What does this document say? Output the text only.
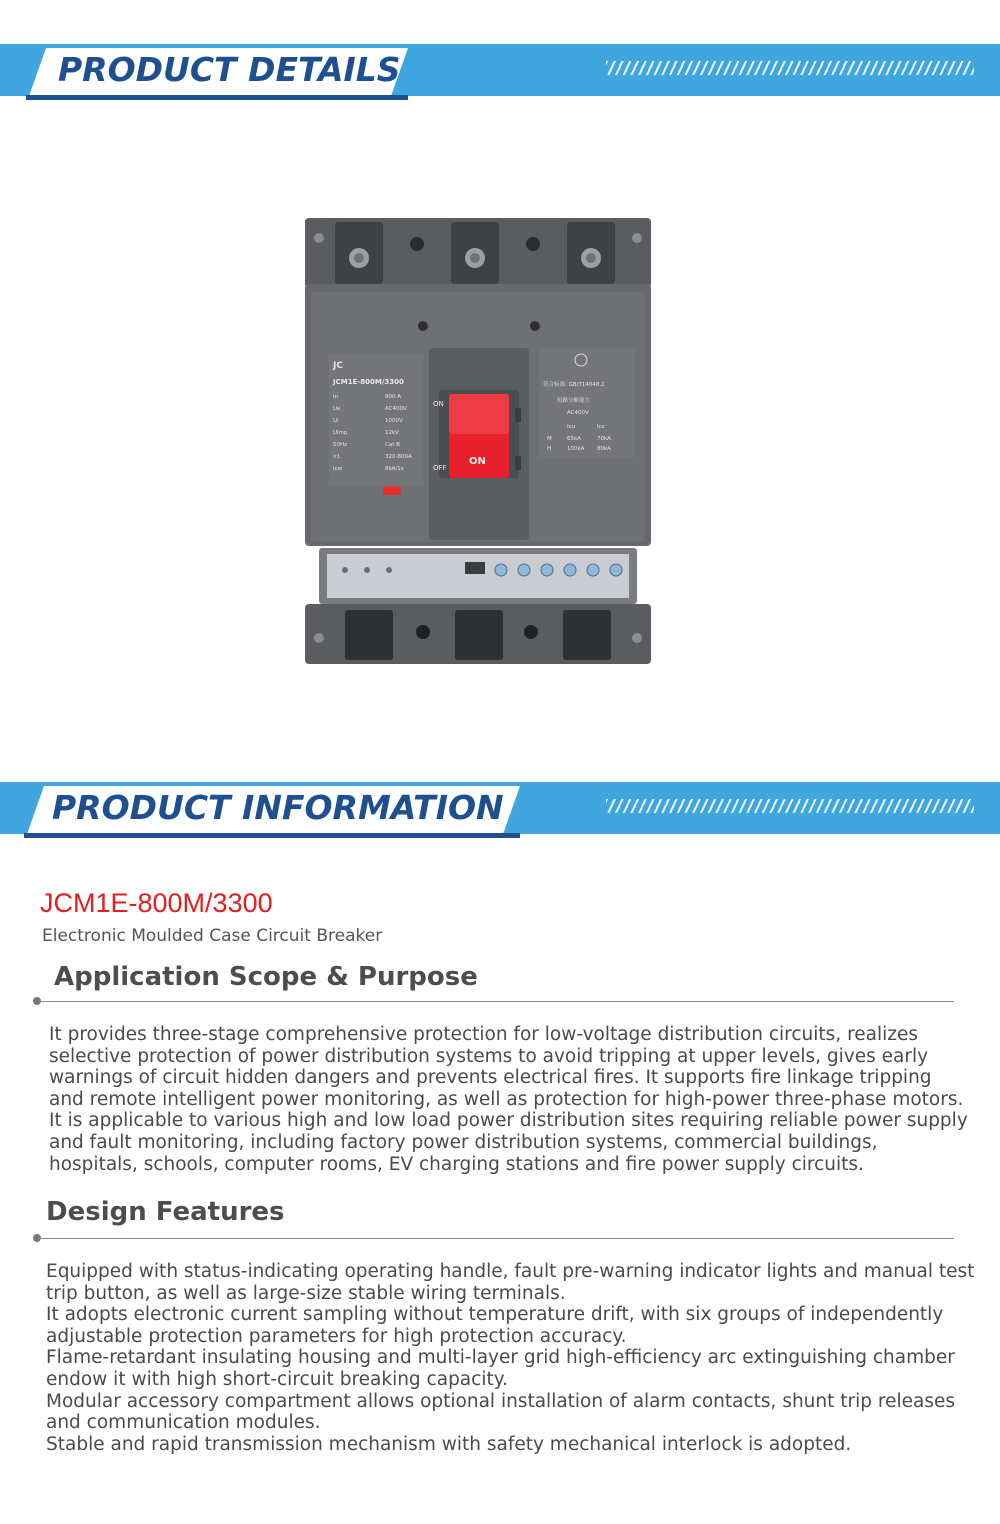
PRODUCT DETAILS
JC
JCM1E-800M/3300
In	800 A
Ue	AC400V
Ui	1000V
Uimp	12kV
50Hz	Cat B
Ir1	320-800A
Icw	8kA/1s
ON
ON
OFF
符合标准: GB/T14048.2
短路分断能力
AC400V
Icu	Ics
M	65kA	70kA
H	100kA 80kA
PRODUCT INFORMATION
JCM1E-800M/3300
Electronic Moulded Case Circuit Breaker
Application Scope & Purpose
It provides three-stage comprehensive protection for low-voltage distribution circuits, realizes selective protection of power distribution systems to avoid tripping at upper levels, gives early warnings of circuit hidden dangers and prevents electrical fires. It supports fire linkage tripping and remote intelligent power monitoring, as well as protection for high-power three-phase motors. It is applicable to various high and low load power distribution sites requiring reliable power supply and fault monitoring, including factory power distribution systems, commercial buildings, hospitals, schools, computer rooms, EV charging stations and fire power supply circuits.
Design Features

Equipped with status-indicating operating handle, fault pre-warning indicator lights and manual test trip button, as well as large-size stable wiring terminals.

It adopts electronic current sampling without temperature drift, with six groups of independently adjustable protection parameters for high protection accuracy.

Flame-retardant insulating housing and multi-layer grid high-efficiency arc extinguishing chamber endow it with high short-circuit breaking capacity.

Modular accessory compartment allows optional installation of alarm contacts, shunt trip releases and communication modules.

Stable and rapid transmission mechanism with safety mechanical interlock is adopted.
